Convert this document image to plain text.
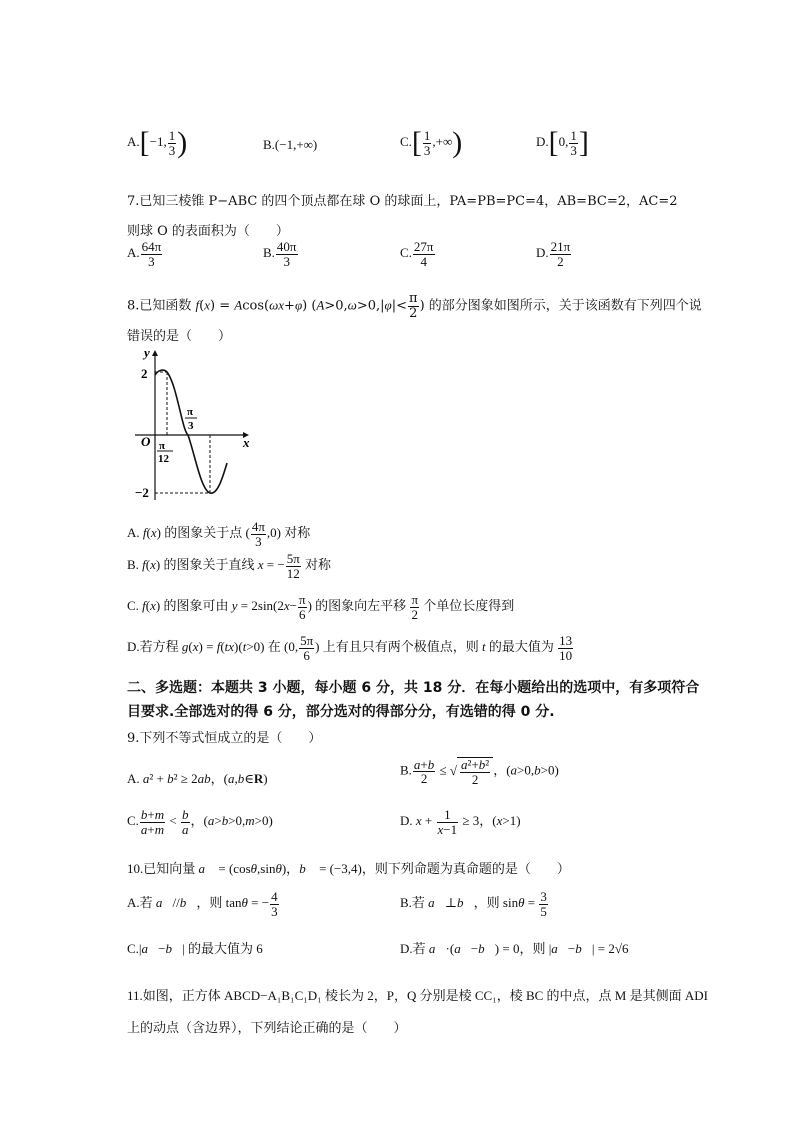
A.[−1, $\frac{1}{3}$ )	B.(−1,+∞)	$C.[ \frac{1}{3}$ ,+∞)	D.[0, $\frac{1}{3}$ ]
7.已知三棱锥 P−ABC 的四个顶点都在球 O 的球面上，PA=PB=PC=4，AB=BC=2，AC=2
则球 O 的表面积为（　　）
A. $\frac{64\pi}{3}$	B. $\frac{40\pi}{3}$	C. $\frac{27\pi}{4}$	D. $\frac{21\pi}{2}$
8.已知函数 f(x) = Acos(ωx+φ) ($A>0,\omega>0,|\varphi|< \frac{\pi}{2}$ ) 的部分图象如图所示，关于该函数有下列四个说
错误的是（　　）
y
x
2
O
−2
π
12
π
3
A. f(x) 的图象关于点 ( $\frac{4\pi}{3} ,0$) 对称
B. f(x) 的图象关于直线 x = − $\frac{5\pi}{12}$ 对称
C. f(x) 的图象可由 $y = 2\sin(2x- \frac{\pi}{6}$ ) 的图象向左平移 $\frac{\pi}{2}$ 个单位长度得到
D.若方程 g(x) = f(tx)(t>0) 在 (0, $\frac{5\pi}{6}$ ) 上有且只有两个极值点，则 t 的最大值为 $\frac{13}{10}$
二、多选题：本题共 3 小题，每小题 6 分，共 18 分．在每小题给出的选项中，有多项符合
目要求.全部选对的得 6 分，部分选对的得部分分，有选错的得 0 分.
9.下列不等式恒成立的是（　　）
A. a² + b² ≥ 2ab，(a,b∈R)
B. $\frac{a+b}{2}$ ≤ √ $\frac{\text{a²+b²}}{2}$ ，(a>0,b>0)
C. $\frac{b+m}{a+m} < \frac{b}{a}$ ，(a>b>0,m>0)	D. $x + \frac{1}{x-1} \ge 3$，(x>1)
10.已知向量 a⃗ = (cosθ,sinθ)，b⃗ = (−3,4)，则下列命题为真命题的是（　　）
A.若 a⃗//b⃗，则 tanθ = − $\frac{4}{3}$	B.若 a⃗⊥b⃗，则 $\sin\theta = \frac{3}{5}$
C.|a⃗−b⃗| 的最大值为 6	D.若 a⃗·(a⃗−b⃗) = 0，则 |a⃗−b⃗| = 2√6
11.如图，正方体 ABCD−A₁B₁C₁D₁ 棱长为 2，P，Q 分别是棱 CC₁，棱 BC 的中点，点 M 是其侧面 ADI
上的动点（含边界），下列结论正确的是（　　）
